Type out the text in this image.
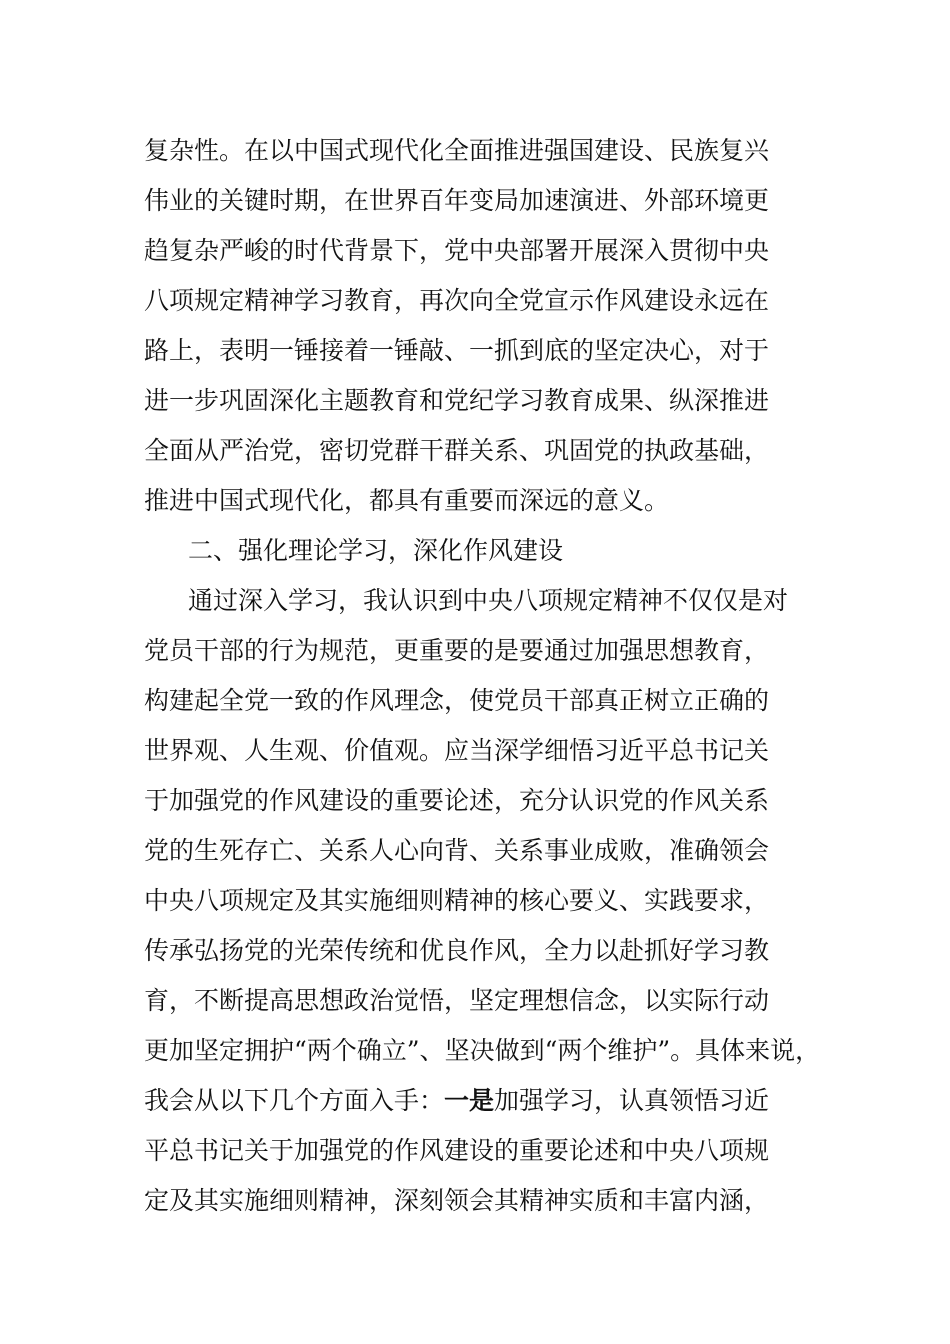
复杂性。在以中国式现代化全面推进强国建设、民族复兴
伟业的关键时期，在世界百年变局加速演进、外部环境更
趋复杂严峻的时代背景下，党中央部署开展深入贯彻中央
八项规定精神学习教育，再次向全党宣示作风建设永远在
路上，表明一锤接着一锤敲、一抓到底的坚定决心，对于
进一步巩固深化主题教育和党纪学习教育成果、纵深推进
全面从严治党，密切党群干群关系、巩固党的执政基础，
推进中国式现代化，都具有重要而深远的意义。
二、强化理论学习，深化作风建设
通过深入学习，我认识到中央八项规定精神不仅仅是对
党员干部的行为规范，更重要的是要通过加强思想教育，
构建起全党一致的作风理念，使党员干部真正树立正确的
世界观、人生观、价值观。应当深学细悟习近平总书记关
于加强党的作风建设的重要论述，充分认识党的作风关系
党的生死存亡、关系人心向背、关系事业成败，准确领会
中央八项规定及其实施细则精神的核心要义、实践要求，
传承弘扬党的光荣传统和优良作风，全力以赴抓好学习教
育，不断提高思想政治觉悟，坚定理想信念，以实际行动
更加坚定拥护“两个确立”、坚决做到“两个维护”。具体来说，
我会从以下几个方面入手：一是加强学习，认真领悟习近
平总书记关于加强党的作风建设的重要论述和中央八项规
定及其实施细则精神，深刻领会其精神实质和丰富内涵，
